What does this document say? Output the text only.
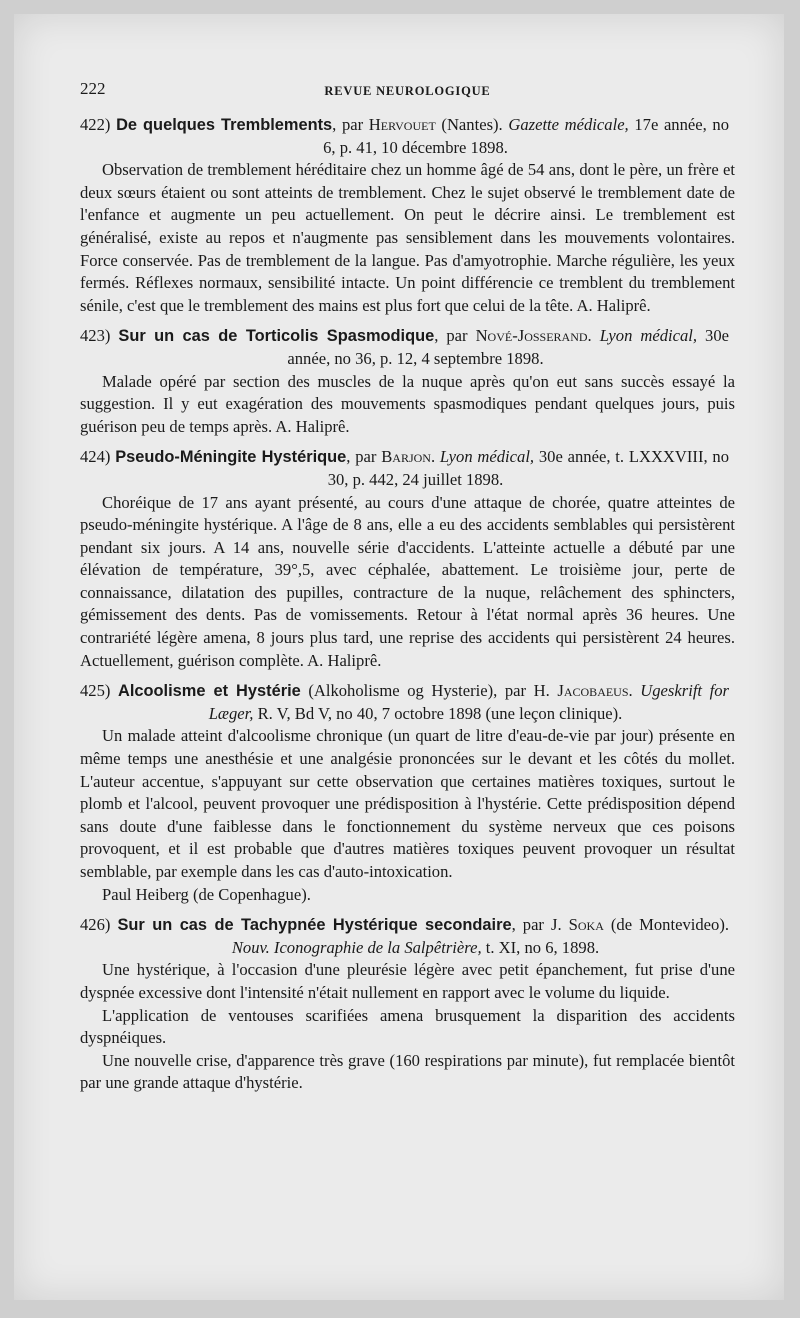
222	REVUE NEUROLOGIQUE
422) De quelques Tremblements, par Hervouet (Nantes). Gazette médicale, 17e année, no 6, p. 41, 10 décembre 1898.

Observation de tremblement héréditaire chez un homme âgé de 54 ans, dont le père, un frère et deux sœurs étaient ou sont atteints de tremblement. Chez le sujet observé le tremblement date de l'enfance et augmente un peu actuellement. On peut le décrire ainsi. Le tremblement est généralisé, existe au repos et n'augmente pas sensiblement dans les mouvements volontaires. Force conservée. Pas de tremblement de la langue. Pas d'amyotrophie. Marche régulière, les yeux fermés. Réflexes normaux, sensibilité intacte. Un point différencie ce tremblent du tremblement sénile, c'est que le tremblement des mains est plus fort que celui de la tête. A. Haliprê.

423) Sur un cas de Torticolis Spasmodique, par Nové-Josserand. Lyon médical, 30e année, no 36, p. 12, 4 septembre 1898.

Malade opéré par section des muscles de la nuque après qu'on eut sans succès essayé la suggestion. Il y eut exagération des mouvements spasmodiques pendant quelques jours, puis guérison peu de temps après. A. Haliprê.

424) Pseudo-Méningite Hystérique, par Barjon. Lyon médical, 30e année, t. LXXXVIII, no 30, p. 442, 24 juillet 1898.

Choréique de 17 ans ayant présenté, au cours d'une attaque de chorée, quatre atteintes de pseudo-méningite hystérique. A l'âge de 8 ans, elle a eu des accidents semblables qui persistèrent pendant six jours. A 14 ans, nouvelle série d'accidents. L'atteinte actuelle a débuté par une élévation de température, 39°,5, avec céphalée, abattement. Le troisième jour, perte de connaissance, dilatation des pupilles, contracture de la nuque, relâchement des sphincters, gémissement des dents. Pas de vomissements. Retour à l'état normal après 36 heures. Une contrariété légère amena, 8 jours plus tard, une reprise des accidents qui persistèrent 24 heures. Actuellement, guérison complète. A. Haliprê.

425) Alcoolisme et Hystérie (Alkoholisme og Hysterie), par H. Jacobaeus. Ugeskrift for Læger, R. V, Bd V, no 40, 7 octobre 1898 (une leçon clinique).

Un malade atteint d'alcoolisme chronique (un quart de litre d'eau-de-vie par jour) présente en même temps une anesthésie et une analgésie prononcées sur le devant et les côtés du mollet. L'auteur accentue, s'appuyant sur cette observation que certaines matières toxiques, surtout le plomb et l'alcool, peuvent provoquer une prédisposition à l'hystérie. Cette prédisposition dépend sans doute d'une faiblesse dans le fonctionnement du système nerveux que ces poisons provoquent, et il est probable que d'autres matières toxiques peuvent provoquer un résultat semblable, par exemple dans les cas d'auto-intoxication.

Paul Heiberg (de Copenhague).

426) Sur un cas de Tachypnée Hystérique secondaire, par J. Soka (de Montevideo). Nouv. Iconographie de la Salpêtrière, t. XI, no 6, 1898.

Une hystérique, à l'occasion d'une pleurésie légère avec petit épanchement, fut prise d'une dyspnée excessive dont l'intensité n'était nullement en rapport avec le volume du liquide.

L'application de ventouses scarifiées amena brusquement la disparition des accidents dyspnéiques.

Une nouvelle crise, d'apparence très grave (160 respirations par minute), fut remplacée bientôt par une grande attaque d'hystérie.
